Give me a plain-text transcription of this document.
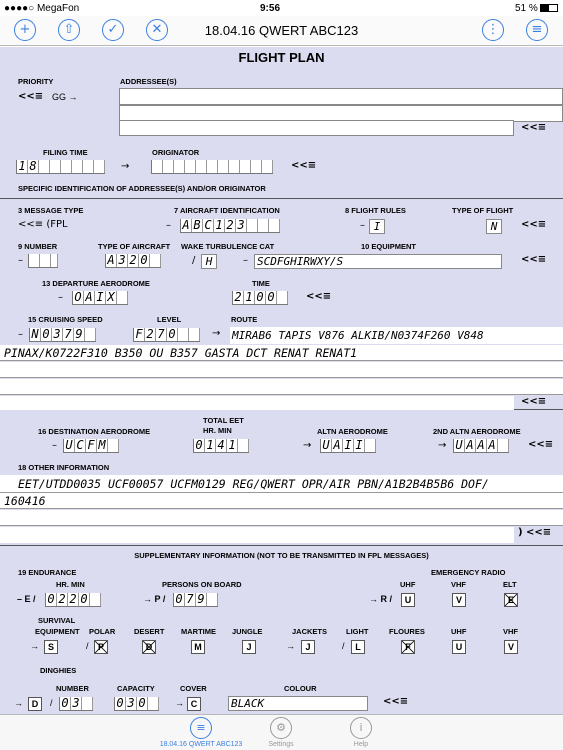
●●●●○ MegaFon	9:56	51 %
+	⇧	✓	✕	18.04.16 QWERT ABC123	⋮	≡
FLIGHT PLAN
PRIORITY
<<≡ GG →
ADDRESSEE(S)
<<≡
FILING TIME
1 8	→
ORIGINATOR
<<≡
SPECIFIC IDENTIFICATION OF ADDRESSEE(S) AND/OR ORIGINATOR
3 MESSAGE TYPE
<<≡ (FPL
7 AIRCRAFT IDENTIFICATION
– A B C 1 2 3
8 FLIGHT RULES
– I
TYPE OF FLIGHT
N	<<≡
9 NUMBER
–
TYPE OF AIRCRAFT
A 3 2 0
WAKE TURBULENCE CAT
/ H
10 EQUIPMENT
– SCDFGHIRWXY/S	<<≡
13 DEPARTURE AERODROME
– O A I X
TIME
2 1 0 0	<<≡
15 CRUISING SPEED
– N 0 3 7 9
LEVEL
F 2 7 0
ROUTE
→ MIRAB6 TAPIS V876 ALKIB/N0374F260 V848
PINAX/K0722F310 B350 OU B357 GASTA DCT RENAT RENAT1
<<≡
16 DESTINATION AERODROME
– U C F M
TOTAL EET
HR. MIN
0 1 4 1
ALTN AERODROME
→ U A I I
2ND ALTN AERODROME
→ U A A A	<<≡
18 OTHER INFORMATION
EET/UTDD0035 UCF00057 UCFM0129 REG/QWERT OPR/AIR PBN/A1B2B4B5B6 DOF/
160416
) <<≡
SUPPLEMENTARY INFORMATION (NOT TO BE TRANSMITTED IN FPL MESSAGES)
19 ENDURANCE
HR. MIN
– E / 0 2 2 0
PERSONS ON BOARD
→ P / 0 7 9
EMERGENCY RADIO
UHF	VHF	ELT
→ R /	U	V	E
SURVIVAL
EQUIPMENT POLAR	DESERT MARTIME JUNGLE	JACKETS	LIGHT	FLOURES	UHF	VHF
→ S	/	P	D	M	J	→	J	/	L	F	U	V
DINGHIES
NUMBER	CAPACITY	COVER	COLOUR
→ D	/ 0 3	0 3 0	→ C	BLACK	<<≡
≡
18.04.16 QWERT ABC123
⚙
Settings
i
Help
